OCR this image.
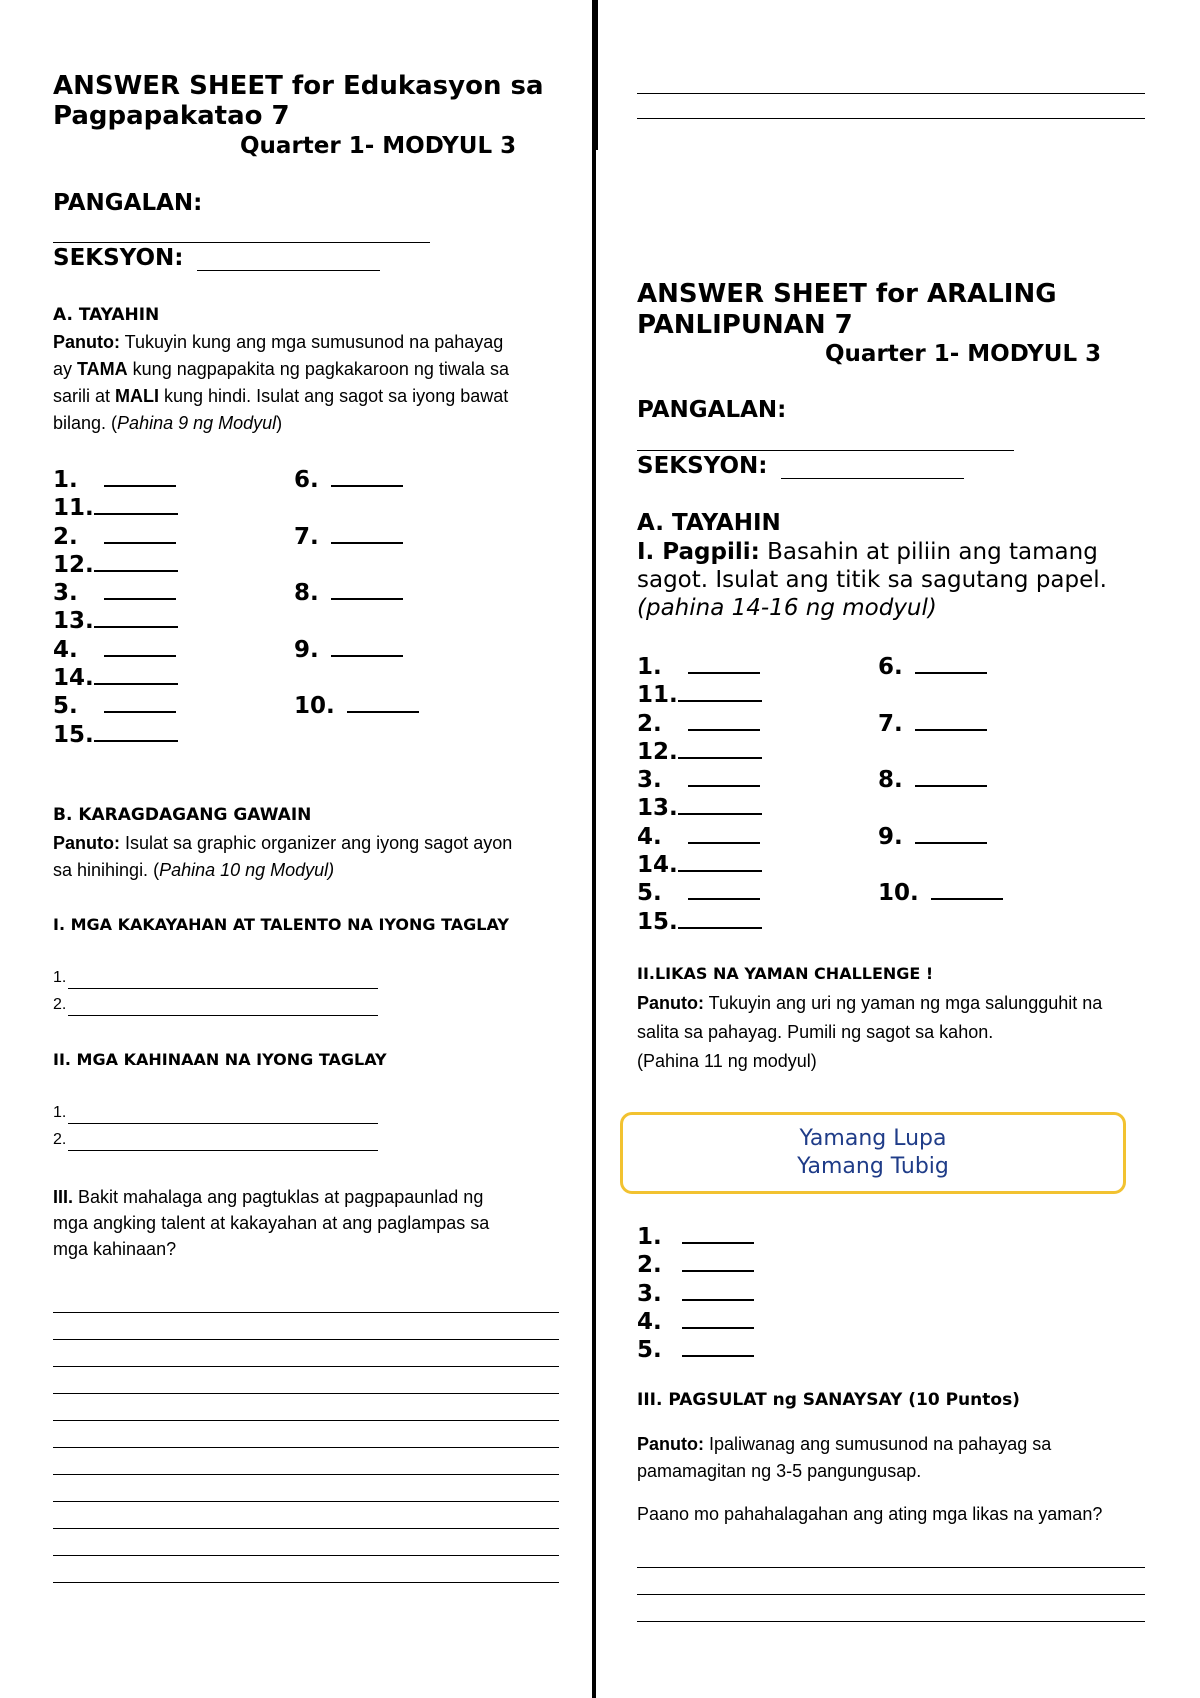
ANSWER SHEET for Edukasyon sa
Pagpapakatao 7
Quarter 1- MODYUL 3
PANGALAN:
SEKSYON:
A. TAYAHIN
Panuto: Tukuyin kung ang mga sumusunod na pahayag
ay TAMA kung nagpapakita ng pagkakaroon ng tiwala sa
sarili at MALI kung hindi. Isulat ang sagot sa iyong bawat
bilang. (Pahina 9 ng Modyul)
1.
11.
2.
12.
3.
13.
4.
14.
5.
15.
6.
7.
8.
9.
10.
B. KARAGDAGANG GAWAIN
Panuto: Isulat sa graphic organizer ang iyong sagot ayon
sa hinihingi. (Pahina 10 ng Modyul)
I. MGA KAKAYAHAN AT TALENTO NA IYONG TAGLAY
1.
2.
II. MGA KAHINAAN NA IYONG TAGLAY
1.
2.
III. Bakit mahalaga ang pagtuklas at pagpapaunlad ng
mga angking talent at kakayahan at ang paglampas sa
mga kahinaan?
ANSWER SHEET for ARALING
PANLIPUNAN 7
Quarter 1- MODYUL 3
PANGALAN:
SEKSYON:
A. TAYAHIN
I. Pagpili: Basahin at piliin ang tamang
sagot. Isulat ang titik sa sagutang papel.
(pahina 14-16 ng modyul)
1.
11.
2.
12.
3.
13.
4.
14.
5.
15.
6.
7.
8.
9.
10.
II.LIKAS NA YAMAN CHALLENGE !
Panuto: Tukuyin ang uri ng yaman ng mga salungguhit na
salita sa pahayag. Pumili ng sagot sa kahon.
(Pahina 11 ng modyul)
Yamang Lupa
Yamang Tubig
1.
2.
3.
4.
5.
III. PAGSULAT ng SANAYSAY (10 Puntos)
Panuto: Ipaliwanag ang sumusunod na pahayag sa
pamamagitan ng 3-5 pangungusap.
Paano mo pahahalagahan ang ating mga likas na yaman?
